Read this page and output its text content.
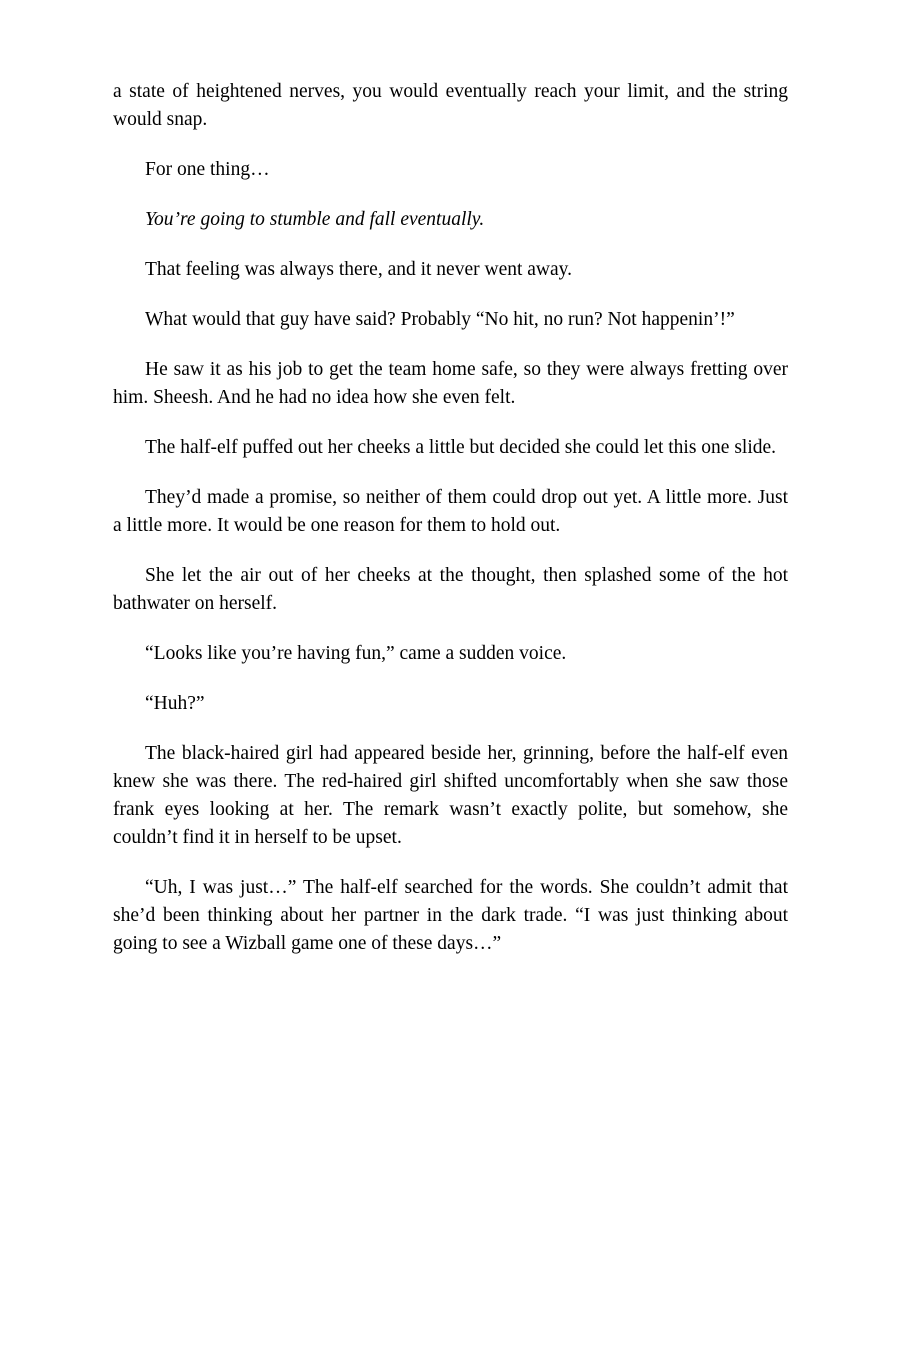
a state of heightened nerves, you would eventually reach your limit, and the string would snap.

For one thing…

You’re going to stumble and fall eventually.

That feeling was always there, and it never went away.

What would that guy have said? Probably “No hit, no run? Not happenin’!”

He saw it as his job to get the team home safe, so they were always fretting over him. Sheesh. And he had no idea how she even felt.

The half-elf puffed out her cheeks a little but decided she could let this one slide.

They’d made a promise, so neither of them could drop out yet. A little more. Just a little more. It would be one reason for them to hold out.

She let the air out of her cheeks at the thought, then splashed some of the hot bathwater on herself.

“Looks like you’re having fun,” came a sudden voice.

“Huh?”

The black-haired girl had appeared beside her, grinning, before the half-elf even knew she was there. The red-haired girl shifted uncomfortably when she saw those frank eyes looking at her. The remark wasn’t exactly polite, but somehow, she couldn’t find it in herself to be upset.

“Uh, I was just…” The half-elf searched for the words. She couldn’t admit that she’d been thinking about her partner in the dark trade. “I was just thinking about going to see a Wizball game one of these days…”
